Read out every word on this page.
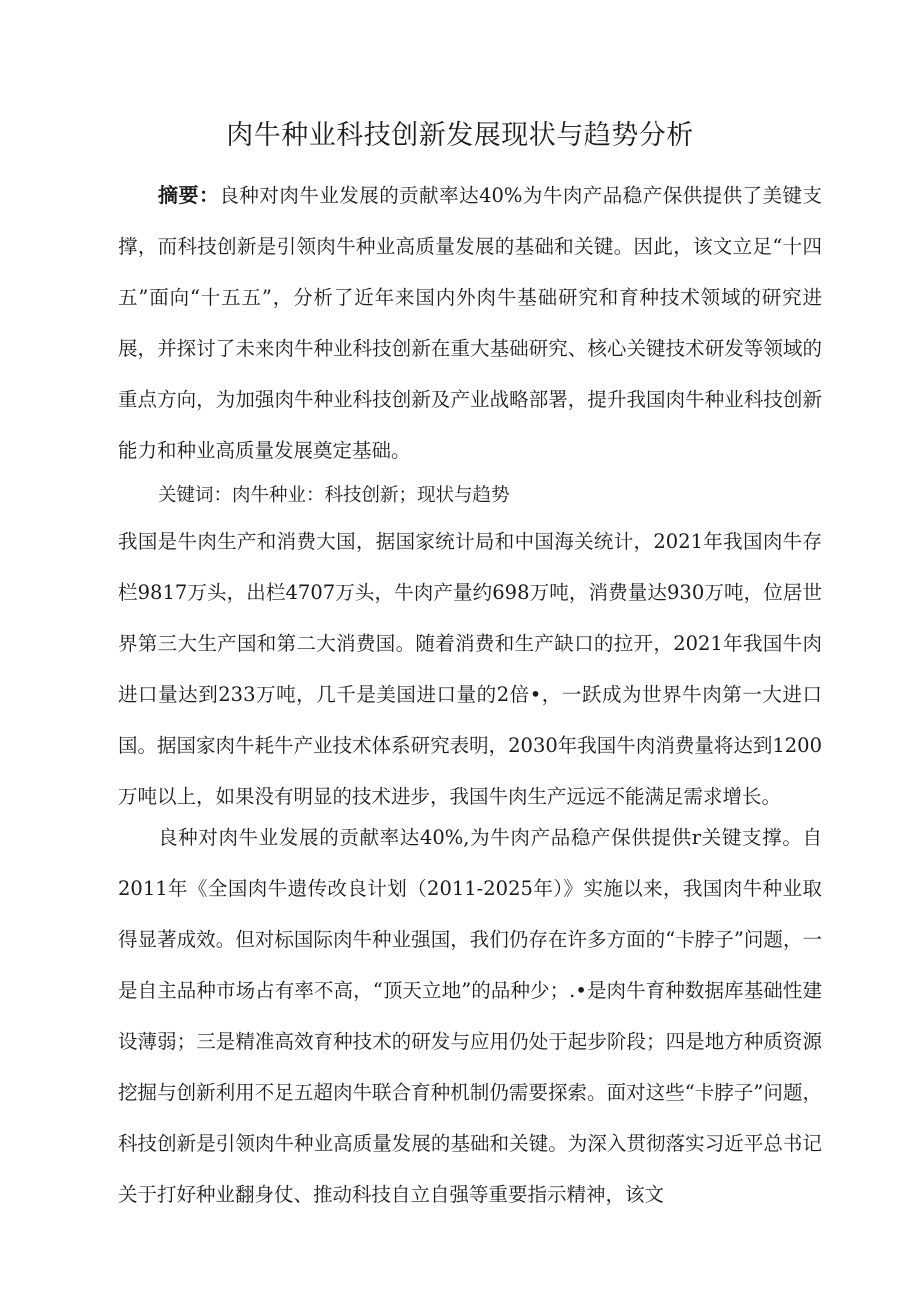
肉牛种业科技创新发展现状与趋势分析
摘要：良种对肉牛业发展的贡献率达40%为牛肉产品稳产保供提供了美键支撑，而科技创新是引领肉牛种业高质量发展的基础和关键。因此，该文立足“十四五”面向“十五五”，分析了近年来国内外肉牛基础研究和育种技术领域的研究进展，并探讨了未来肉牛种业科技创新在重大基础研究、核心关键技术研发等领域的重点方向，为加强肉牛种业科技创新及产业战略部署，提升我国肉牛种业科技创新能力和种业高质量发展奠定基础。
关键词：肉牛种业：科技创新；现状与趋势
我国是牛肉生产和消费大国，据国家统计局和中国海关统计，2021年我国肉牛存栏9817万头，出栏4707万头，牛肉产量约698万吨，消费量达930万吨，位居世界第三大生产国和第二大消费国。随着消费和生产缺口的拉开，2021年我国牛肉进口量达到233万吨，几千是美国进口量的2倍•，一跃成为世界牛肉第一大进口国。据国家肉牛耗牛产业技术体系研究表明，2030年我国牛肉消费量将达到1200万吨以上，如果没有明显的技术进步，我国牛肉生产远远不能满足需求增长。
良种对肉牛业发展的贡献率达40%,为牛肉产品稳产保供提供r关键支撑。自2011年《全国肉牛遗传改良计划（2011-2025年）》实施以来，我国肉牛种业取得显著成效。但对标国际肉牛种业强国，我们仍存在许多方面的“卡脖子”问题，一是自主品种市场占有率不高，“顶天立地”的品种少；.•是肉牛育种数据库基础性建设薄弱；三是精准高效育种技术的研发与应用仍处于起步阶段；四是地方种质资源挖掘与创新利用不足五超肉牛联合育种机制仍需要探索。面对这些“卡脖子”问题，科技创新是引领肉牛种业高质量发展的基础和关键。为深入贯彻落实习近平总书记关于打好种业翻身仗、推动科技自立自强等重要指示精神，该文
